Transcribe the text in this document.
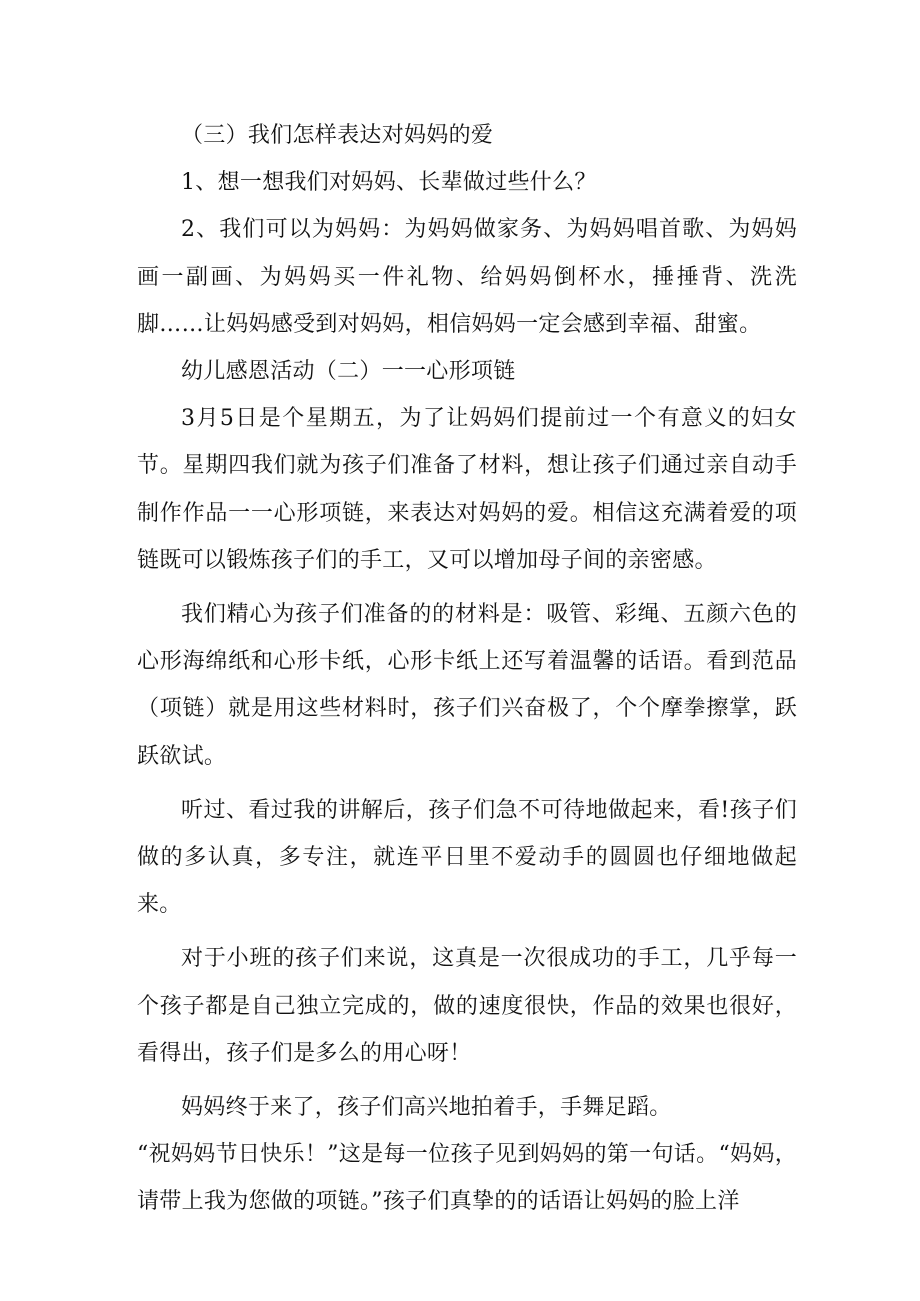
（三）我们怎样表达对妈妈的爱

1、想一想我们对妈妈、长辈做过些什么？

2、我们可以为妈妈：为妈妈做家务、为妈妈唱首歌、为妈妈画一副画、为妈妈买一件礼物、给妈妈倒杯水，捶捶背、洗洗脚……让妈妈感受到对妈妈，相信妈妈一定会感到幸福、甜蜜。

幼儿感恩活动（二）一一心形项链

3月5日是个星期五，为了让妈妈们提前过一个有意义的妇女节。星期四我们就为孩子们准备了材料，想让孩子们通过亲自动手制作作品一一心形项链，来表达对妈妈的爱。相信这充满着爱的项链既可以锻炼孩子们的手工，又可以增加母子间的亲密感。

我们精心为孩子们准备的的材料是：吸管、彩绳、五颜六色的心形海绵纸和心形卡纸，心形卡纸上还写着温馨的话语。看到范品（项链）就是用这些材料时，孩子们兴奋极了，个个摩拳擦掌，跃跃欲试。

听过、看过我的讲解后，孩子们急不可待地做起来，看!孩子们做的多认真，多专注，就连平日里不爱动手的圆圆也仔细地做起来。

对于小班的孩子们来说，这真是一次很成功的手工，几乎每一个孩子都是自己独立完成的，做的速度很快，作品的效果也很好，看得出，孩子们是多么的用心呀！

妈妈终于来了，孩子们高兴地拍着手，手舞足蹈。

“祝妈妈节日快乐！”这是每一位孩子见到妈妈的第一句话。“妈妈，请带上我为您做的项链。”孩子们真挚的的话语让妈妈的脸上洋
